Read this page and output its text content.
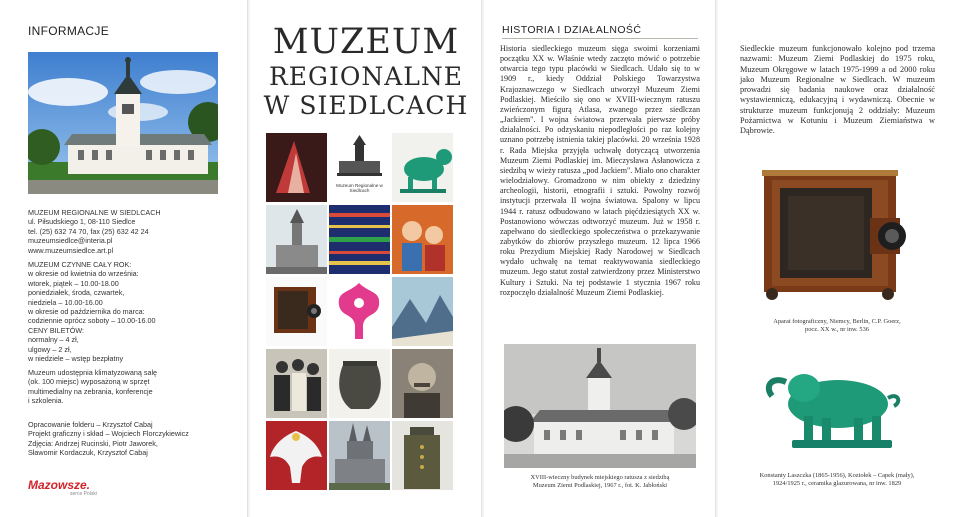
INFORMACJE
MUZEUM REGIONALNE W SIEDLCACH
ul. Piłsudskiego 1, 08-110 Siedlce
tel. (25) 632 74 70, fax (25) 632 42 24
muzeumsiedlce@interia.pl
www.muzeumsiedlce.art.pl
MUZEUM CZYNNE CAŁY ROK:
w okresie od kwietnia do września:
wtorek, piątek – 10.00-18.00
poniedziałek, środa, czwartek,
niedziela – 10.00-16.00
w okresie od października do marca:
codziennie oprócz soboty – 10.00-16.00
CENY BILETÓW:
normalny – 4 zł,
ulgowy – 2 zł,
w niedziele – wstęp bezpłatny
Muzeum udostępnia klimatyzowaną salę
(ok. 100 miejsc) wyposażoną w sprzęt
multimedialny na zebrania, konferencje
i szkolenia.
Opracowanie folderu – Krzysztof Cabaj
Projekt graficzny i skład – Wojciech Florczykiewicz
Zdjęcia: Andrzej Rucinski, Piotr Jaworek,
Sławomir Kordaczuk, Krzysztof Cabaj
Mazowsze.
serce Polski
MUZEUM
REGIONALNE
W SIEDLCACH
Muzeum Regionalne w Siedlcach
HISTORIA I DZIAŁALNOŚĆ
Historia siedleckiego muzeum sięga swoimi korzeniami początku XX w. Właśnie wtedy zaczęto mówić o potrzebie otwarcia tego typu placówki w Siedlcach. Udało się to w 1909 r., kiedy Oddział Polskiego Towarzystwa Krajoznawczego w Siedlcach utworzył Muzeum Ziemi Podlaskiej. Mieściło się ono w XVIII-wiecznym ratuszu zwieńczonym figurą Atlasa, zwanego przez siedlczan „Jackiem". I wojna światowa przerwała pierwsze próby działalności. Po odzyskaniu niepodległości po raz kolejny uznano potrzebę istnienia takiej placówki. 20 września 1928 r. Rada Miejska przyjęła uchwałę dotyczącą utworzenia Muzeum Ziemi Podlaskiej im. Mieczysława Asłanowicza z siedzibą w wieży ratusza „pod Jackiem". Miało ono charakter wielodziałowy. Gromadzono w nim obiekty z dziedziny archeologii, historii, etnografii i sztuki. Powolny rozwój instytucji przerwała II wojna światowa. Spalony w lipcu 1944 r. ratusz odbudowano w latach pięćdziesiątych XX w. Postanowiono wówczas odtworzyć muzeum. Już w 1958 r. zapełwano do siedleckiego społeczeństwa o przekazywanie zabytków do zbiorów przyszłego muzeum. 12 lipca 1966 roku Prezydium Miejskiej Rady Narodowej w Siedlcach wydało uchwałę na temat reaktywowania siedleckiego muzeum. Jego statut został zatwierdzony przez Ministerstwo Kultury i Sztuki. Na tej podstawie 1 stycznia 1967 roku rozpoczęło działalność Muzeum Ziemi Podlaskiej.
XVIII-wieczny budynek miejskiego ratusza z siedzibą
Muzeum Ziemi Podlaskiej, 1967 r., fot. K. Jabłoński
Siedleckie muzeum funkcjonowało kolejno pod trzema nazwami: Muzeum Ziemi Podlaskiej do 1975 roku, Muzeum Okręgowe w latach 1975-1999 a od 2000 roku jako Muzeum Regionalne w Siedlcach. W muzeum prowadzi się badania naukowe oraz działalność wystawienniczą, edukacyjną i wydawniczą. Obecnie w strukturze muzeum funkcjonują 2 oddziały: Muzeum Pożarnictwa w Kotuniu i Muzeum Ziemiaństwa w Dąbrowie.
Aparat fotograficzny, Niemcy, Berlin, C.P. Goerz,
pocz. XX w., nr inw. 536
Konstanty Laszczka (1865-1956), Koziołek – Capek (mały),
1924/1925 r., ceramika glazurowana, nr inw. 1829
